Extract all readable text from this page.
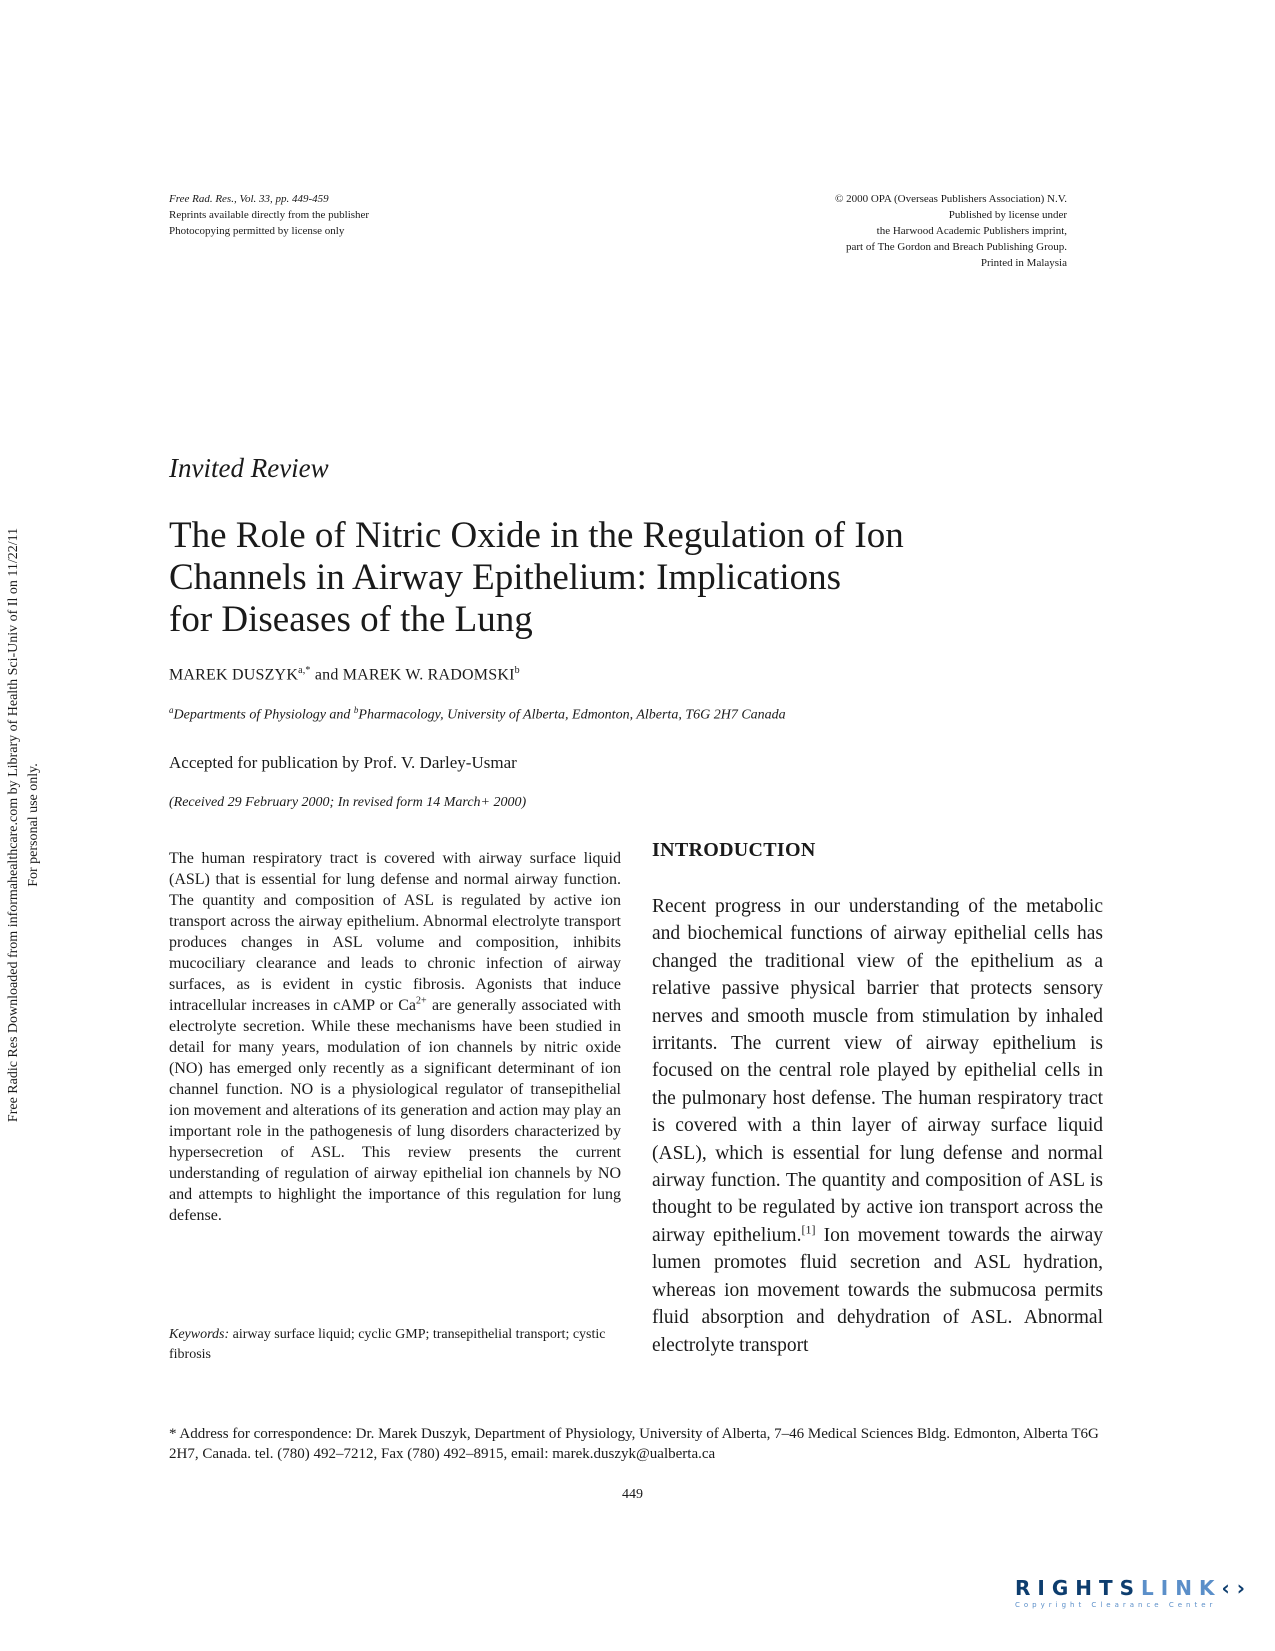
Free Rad. Res., Vol. 33, pp. 449-459
Reprints available directly from the publisher
Photocopying permitted by license only
© 2000 OPA (Overseas Publishers Association) N.V.
Published by license under
the Harwood Academic Publishers imprint,
part of The Gordon and Breach Publishing Group.
Printed in Malaysia
Free Radic Res Downloaded from informahealthcare.com by Library of Health Sci-Univ of Il on 11/22/11 For personal use only.
Invited Review
The Role of Nitric Oxide in the Regulation of Ion
Channels in Airway Epithelium: Implications
for Diseases of the Lung
MAREK $DUSZYK^{a,*}$ and MAREK W. RADOMSKI$^b$
$^a$Departments of Physiology and $^b$Pharmacology, University of Alberta, Edmonton, Alberta, T6G 2H7 Canada
Accepted for publication by Prof. V. Darley-Usmar
(Received 29 February 2000; In revised form 14 March+ 2000)

The human respiratory tract is covered with airway surface liquid (ASL) that is essential for lung defense and normal airway function. The quantity and composition of ASL is regulated by active ion transport across the airway epithelium. Abnormal electrolyte transport produces changes in ASL volume and composition, inhibits mucociliary clearance and leads to chronic infection of airway surfaces, as is evident in cystic fibrosis. Agonists that induce intracellular increases in cAMP or $Ca^{2+}$ are generally associated with electrolyte secretion. While these mechanisms have been studied in detail for many years, modulation of ion channels by nitric oxide (NO) has emerged only recently as a significant determinant of ion channel function. NO is a physiological regulator of transepithelial ion movement and alterations of its generation and action may play an important role in the pathogenesis of lung disorders characterized by hypersecretion of ASL. This review presents the current understanding of regulation of airway epithelial ion channels by NO and attempts to highlight the importance of this regulation for lung defense.

Keywords: airway surface liquid; cyclic GMP; transepithelial transport; cystic fibrosis
INTRODUCTION

Recent progress in our understanding of the metabolic and biochemical functions of airway epithelial cells has changed the traditional view of the epithelium as a relative passive physical barrier that protects sensory nerves and smooth muscle from stimulation by inhaled irritants. The current view of airway epithelium is focused on the central role played by epithelial cells in the pulmonary host defense. The human respiratory tract is covered with a thin layer of airway surface liquid (ASL), which is essential for lung defense and normal airway function. The quantity and composition of ASL is thought to be regulated by active ion transport across the airway epithelium.[1] Ion movement towards the airway lumen promotes fluid secretion and ASL hydration, whereas ion movement towards the submucosa permits fluid absorption and dehydration of ASL. Abnormal electrolyte transport

* Address for correspondence: Dr. Marek Duszyk, Department of Physiology, University of Alberta, 7–46 Medical Sciences Bldg. Edmonton, Alberta T6G 2H7, Canada. tel. (780) 492–7212, Fax (780) 492–8915, email: marek.duszyk@ualberta.ca

449
RIGHTSLINK‹›
Copyright Clearance Center
